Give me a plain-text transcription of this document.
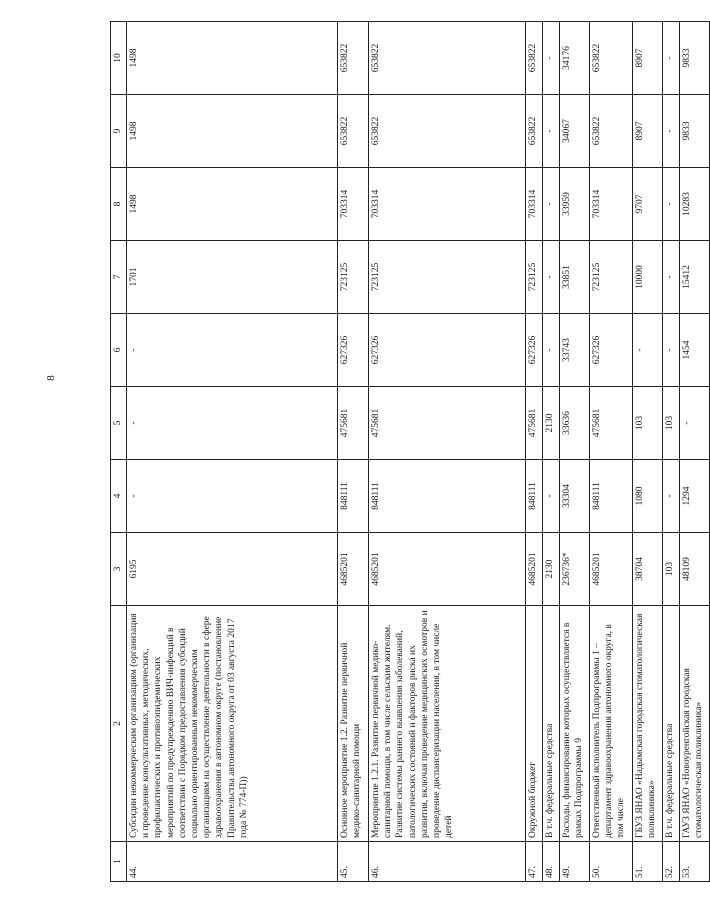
8
1	2	3	4	5	6	7	8	9	10
44.	Субсидии некоммерческим организациям (организация и проведение консультативных, методических, профилактических и противоэпидемических мероприятий по предупреждению ВИЧ-инфекций в соответствии с Порядком предоставления субсидий социально ориентированным некоммерческим организациям на осуществление деятельности в сфере здравоохранения в автономном округе (постановление Правительства автономного округа от 03 августа 2017 года № 774-П))	6195	-	-	-	1701	1498	1498	1498
45.	Основное мероприятие 1.2. Развитие первичной медико-санитарной помощи	4685201	848111	475681	627326	723125	703314	653822	653822
46.	Мероприятие 1.2.1. Развитие первичной медико-санитарной помощи, в том числе сельским жителям. Развитие системы раннего выявления заболеваний, патологических состояний и факторов риска их развития, включая проведение медицинских осмотров и проведение диспансеризации населения, в том числе детей	4685201	848111	475681	627326	723125	703314	653822	653822
47.	Окружной бюджет	4685201	848111	475681	627326	723125	703314	653822	653822
48.	В т.ч. федеральные средства	2130	-	2130	-	-	-	-	-
49.	Расходы, финансирование которых осуществляется в рамках Подпрограммы 9	236736*	33304	33636	33743	33851	33959	34067	34176
50.	Ответственный исполнитель Подпрограммы 1 – департамент здравоохранения автономного округа, в том числе	4685201	848111	475681	627326	723125	703314	653822	653822
51.	ГБУЗ ЯНАО «Надымская городская стоматологическая поликлиника»	38704	1080	103	-	10000	9707	8907	8907
52.	В т.ч. федеральные средства	103	-	103	-	-	-	-	-
53.	ГАУЗ ЯНАО «Новоуренгойская городская стоматологическая поликлиника»	48109	1294	-	1454	15412	10283	9833	9833
